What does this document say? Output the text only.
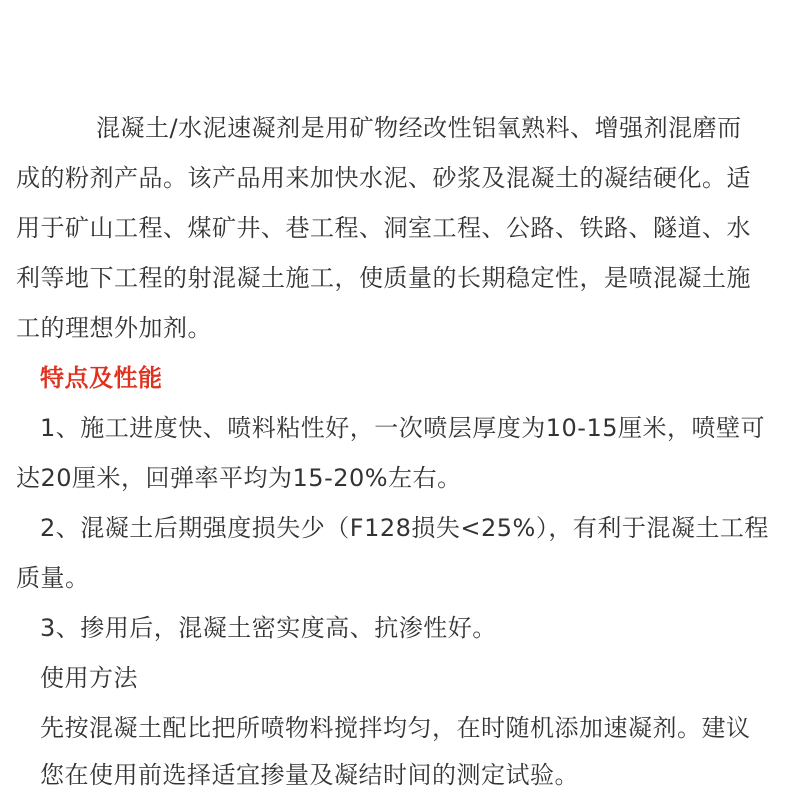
混凝土/水泥速凝剂是用矿物经改性铝氧熟料、增强剂混磨而
成的粉剂产品。该产品用来加快水泥、砂浆及混凝土的凝结硬化。适
用于矿山工程、煤矿井、巷工程、洞室工程、公路、铁路、隧道、水
利等地下工程的射混凝土施工，使质量的长期稳定性，是喷混凝土施
工的理想外加剂。
特点及性能
1、施工进度快、喷料粘性好，一次喷层厚度为10-15厘米，喷壁可
达20厘米，回弹率平均为15-20%左右。
2、混凝土后期强度损失少（F128损失<25%），有利于混凝土工程
质量。
3、掺用后，混凝土密实度高、抗渗性好。
使用方法
先按混凝土配比把所喷物料搅拌均匀，在时随机添加速凝剂。建议
您在使用前选择适宜掺量及凝结时间的测定试验。
